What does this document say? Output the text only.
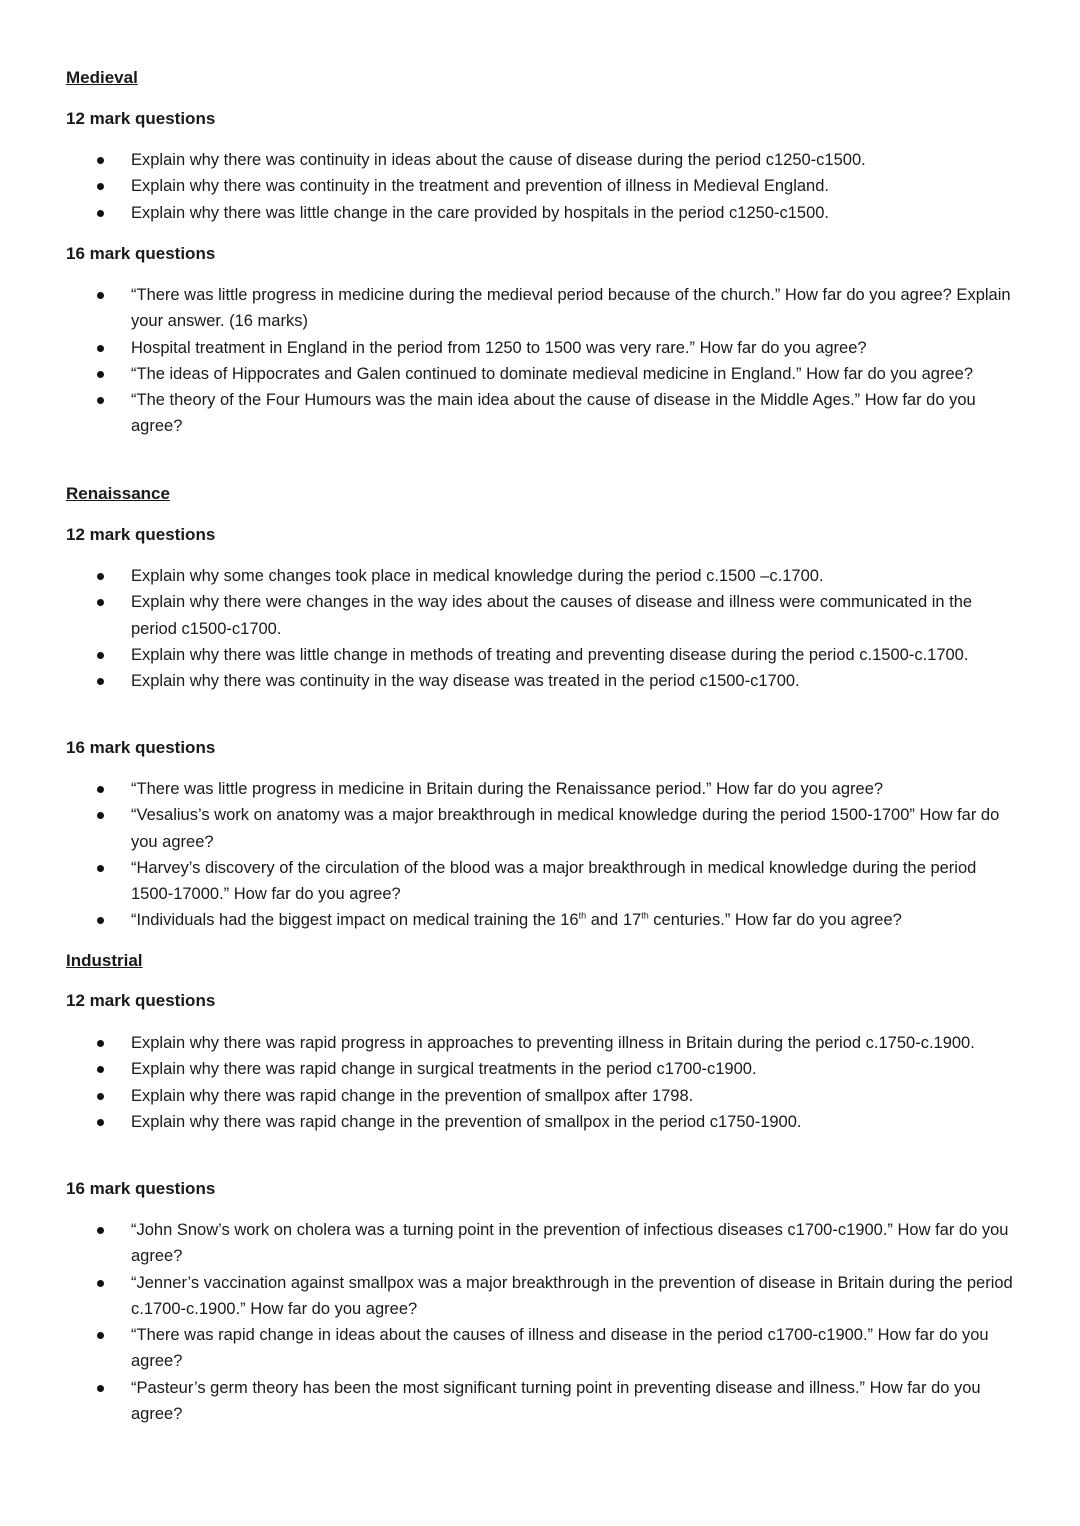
Medieval
12 mark questions
Explain why there was continuity in ideas about the cause of disease during the period c1250-c1500.
Explain why there was continuity in the treatment and prevention of illness in Medieval England.
Explain why there was little change in the care provided by hospitals in the period c1250-c1500.
16 mark questions
“There was little progress in medicine during the medieval period because of the church.” How far do you agree? Explain your answer. (16 marks)
Hospital treatment in England in the period from 1250 to 1500 was very rare.” How far do you agree?
“The ideas of Hippocrates and Galen continued to dominate medieval medicine in England.” How far do you agree?
“The theory of the Four Humours was the main idea about the cause of disease in the Middle Ages.” How far do you agree?
Renaissance
12 mark questions
Explain why some changes took place in medical knowledge during the period c.1500 –c.1700.
Explain why there were changes in the way ides about the causes of disease and illness were communicated in the period c1500-c1700.
Explain why there was little change in methods of treating and preventing disease during the period c.1500-c.1700.
Explain why there was continuity in the way disease was treated in the period c1500-c1700.
16 mark questions
“There was little progress in medicine in Britain during the Renaissance period.” How far do you agree?
“Vesalius’s work on anatomy was a major breakthrough in medical knowledge during the period 1500-1700” How far do you agree?
“Harvey’s discovery of the circulation of the blood was a major breakthrough in medical knowledge during the period 1500-17000.” How far do you agree?
“Individuals had the biggest impact on medical training the 16th and 17th centuries.” How far do you agree?
Industrial
12 mark questions
Explain why there was rapid progress in approaches to preventing illness in Britain during the period c.1750-c.1900.
Explain why there was rapid change in surgical treatments in the period c1700-c1900.
Explain why there was rapid change in the prevention of smallpox after 1798.
Explain why there was rapid change in the prevention of smallpox in the period c1750-1900.
16 mark questions
“John Snow’s work on cholera was a turning point in the prevention of infectious diseases c1700-c1900.” How far do you agree?
“Jenner’s vaccination against smallpox was a major breakthrough in the prevention of disease in Britain during the period c.1700-c.1900.” How far do you agree?
“There was rapid change in ideas about the causes of illness and disease in the period c1700-c1900.” How far do you agree?
“Pasteur’s germ theory has been the most significant turning point in preventing disease and illness.” How far do you agree?
